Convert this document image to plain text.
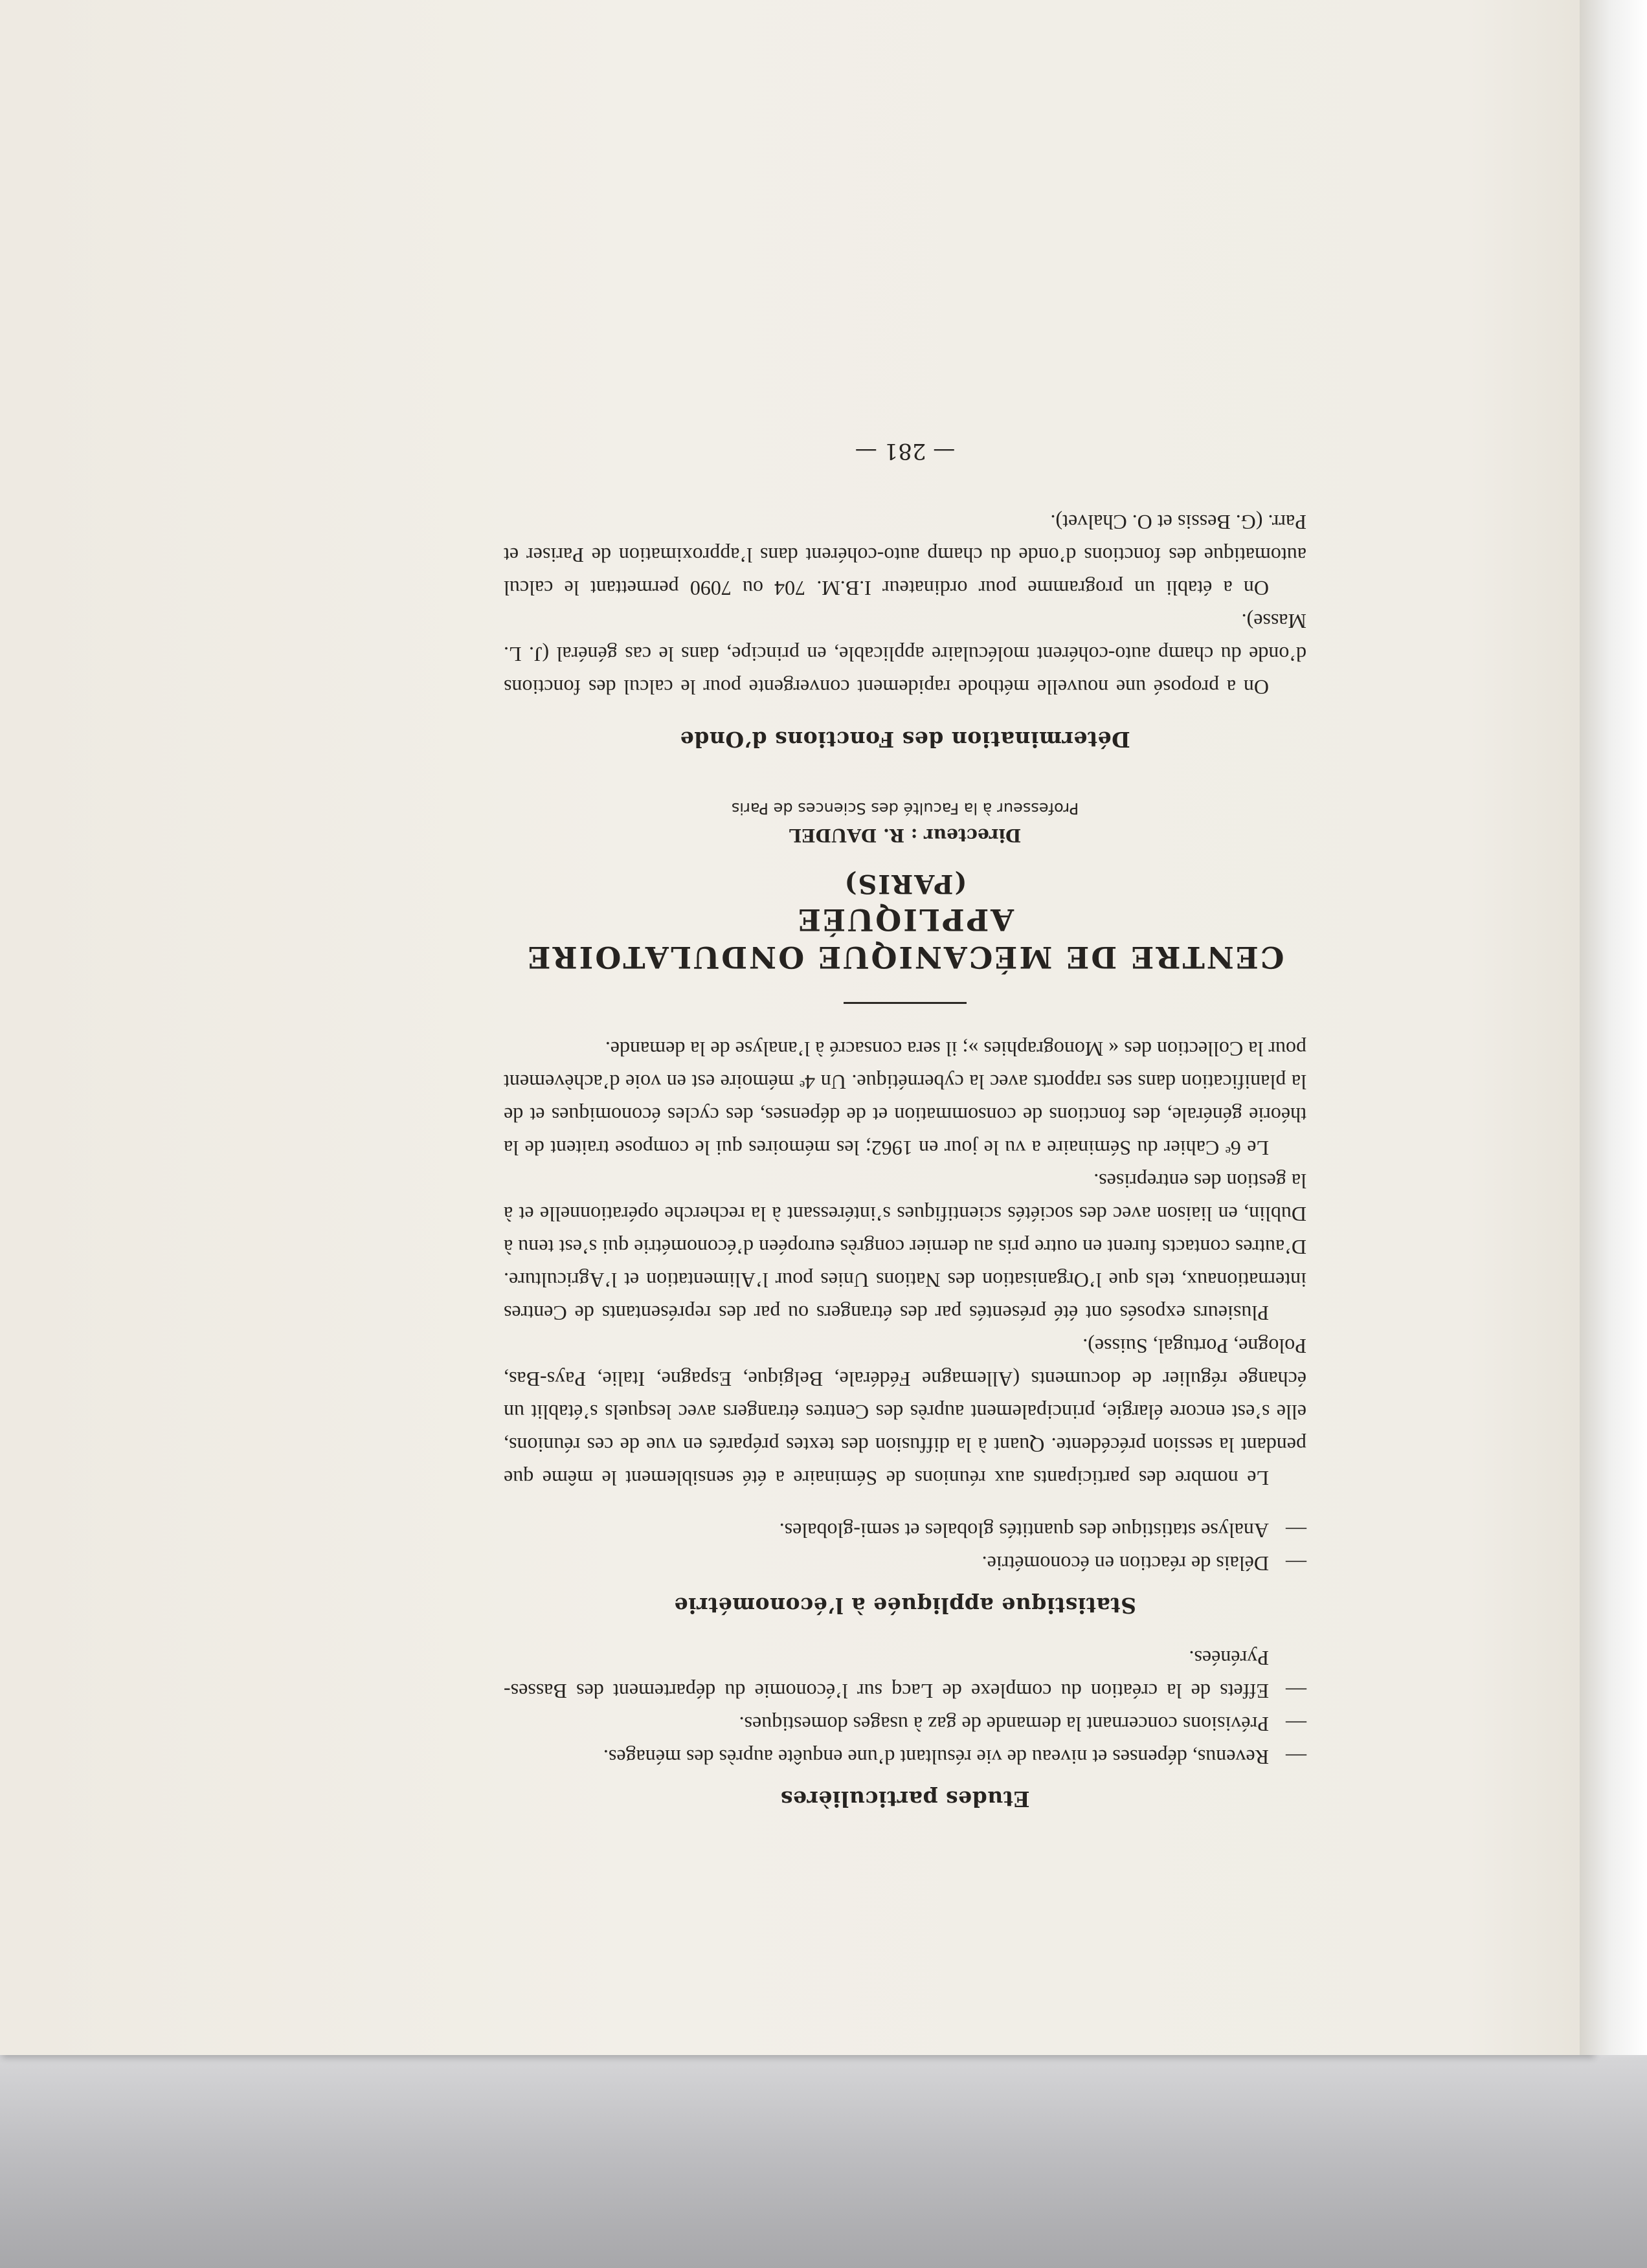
Etudes particulières
—Revenus, dépenses et niveau de vie résultant d’une enquête auprès des ménages.
—Prévisions concernant la demande de gaz à usages domestiques.
—Effets de la création du complexe de Lacq sur l’économie du département des Basses-Pyrénées.
Statistique appliquée à l’économétrie
—Délais de réaction en économétrie.
—Analyse statistique des quantités globales et semi-globales.

Le nombre des participants aux réunions de Séminaire a été sensiblement le même que pendant la session précédente. Quant à la diffusion des textes préparés en vue de ces réunions, elle s’est encore élargie, principalement auprès des Centres étrangers avec lesquels s’établit un échange régulier de documents (Allemagne Fédérale, Belgique, Espagne, Italie, Pays-Bas, Pologne, Portugal, Suisse).

Plusieurs exposés ont été présentés par des étrangers ou par des représentants de Centres internationaux, tels que l’Organisation des Nations Unies pour l’Alimentation et l’Agriculture. D’autres contacts furent en outre pris au dernier congrès européen d’économétrie qui s’est tenu à Dublin, en liaison avec des sociétés scientifiques s’intéressant à la recherche opérationnelle et à la gestion des entreprises.

Le 6ᵉ Cahier du Séminaire a vu le jour en 1962; les mémoires qui le compose traitent de la théorie générale, des fonctions de consommation et de dépenses, des cycles économiques et de la planification dans ses rapports avec la cybernétique. Un 4ᵉ mémoire est en voie d’achèvement pour la Collection des « Monographies »; il sera consacré à l’analyse de la demande.

CENTRE DE MÉCANIQUE ONDULATOIRE APPLIQUÉE
(PARIS)

Directeur : R. DAUDEL

Professeur à la Faculté des Sciences de Paris

Détermination des Fonctions d’Onde

On a proposé une nouvelle méthode rapidement convergente pour le calcul des fonctions d’onde du champ auto-cohérent moléculaire applicable, en principe, dans le cas général (J. L. Masse).

On a établi un programme pour ordinateur I.B.M. 704 ou 7090 permettant le calcul automatique des fonctions d’onde du champ auto-cohérent dans l’approximation de Pariser et Parr. (G. Bessis et O. Chalvet).

— 281 —
